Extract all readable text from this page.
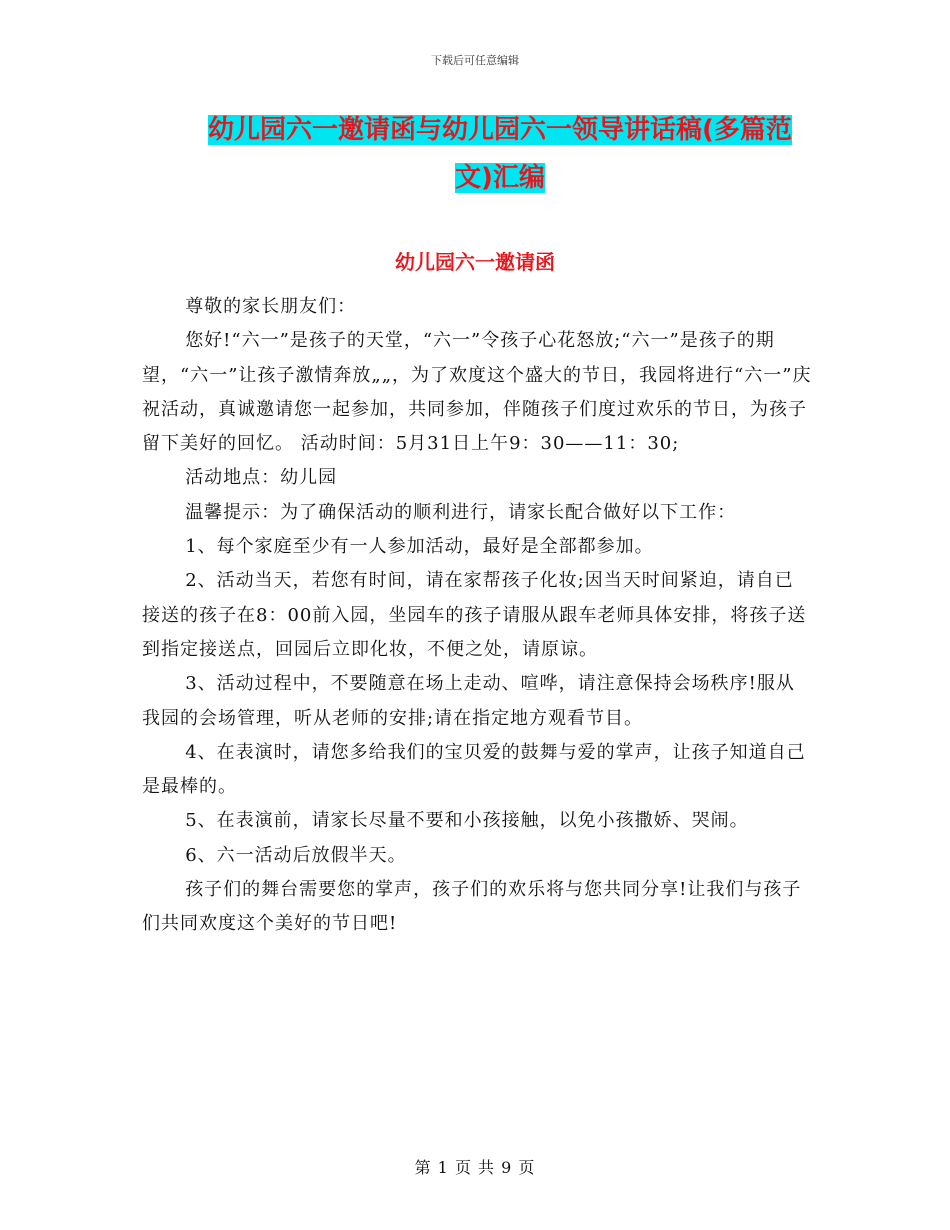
下载后可任意编辑
幼儿园六一邀请函与幼儿园六一领导讲话稿(多篇范文)汇编
幼儿园六一邀请函

尊敬的家长朋友们：

您好!“六一”是孩子的天堂，“六一”令孩子心花怒放;“六一”是孩子的期望，“六一”让孩子激情奔放„„，为了欢度这个盛大的节日，我园将进行“六一”庆祝活动，真诚邀请您一起参加，共同参加，伴随孩子们度过欢乐的节日，为孩子留下美好的回忆。 活动时间：5月31日上午9：30——11：30;

活动地点：幼儿园

温馨提示：为了确保活动的顺利进行，请家长配合做好以下工作：

1、每个家庭至少有一人参加活动，最好是全部都参加。

2、活动当天，若您有时间，请在家帮孩子化妆;因当天时间紧迫，请自已接送的孩子在8：00前入园，坐园车的孩子请服从跟车老师具体安排，将孩子送到指定接送点，回园后立即化妆，不便之处，请原谅。

3、活动过程中，不要随意在场上走动、喧哗，请注意保持会场秩序!服从我园的会场管理，听从老师的安排;请在指定地方观看节目。

4、在表演时，请您多给我们的宝贝爱的鼓舞与爱的掌声，让孩子知道自己是最棒的。

5、在表演前，请家长尽量不要和小孩接触，以免小孩撒娇、哭闹。

6、六一活动后放假半天。

孩子们的舞台需要您的掌声，孩子们的欢乐将与您共同分享!让我们与孩子们共同欢度这个美好的节日吧!

第 1 页 共 9 页
